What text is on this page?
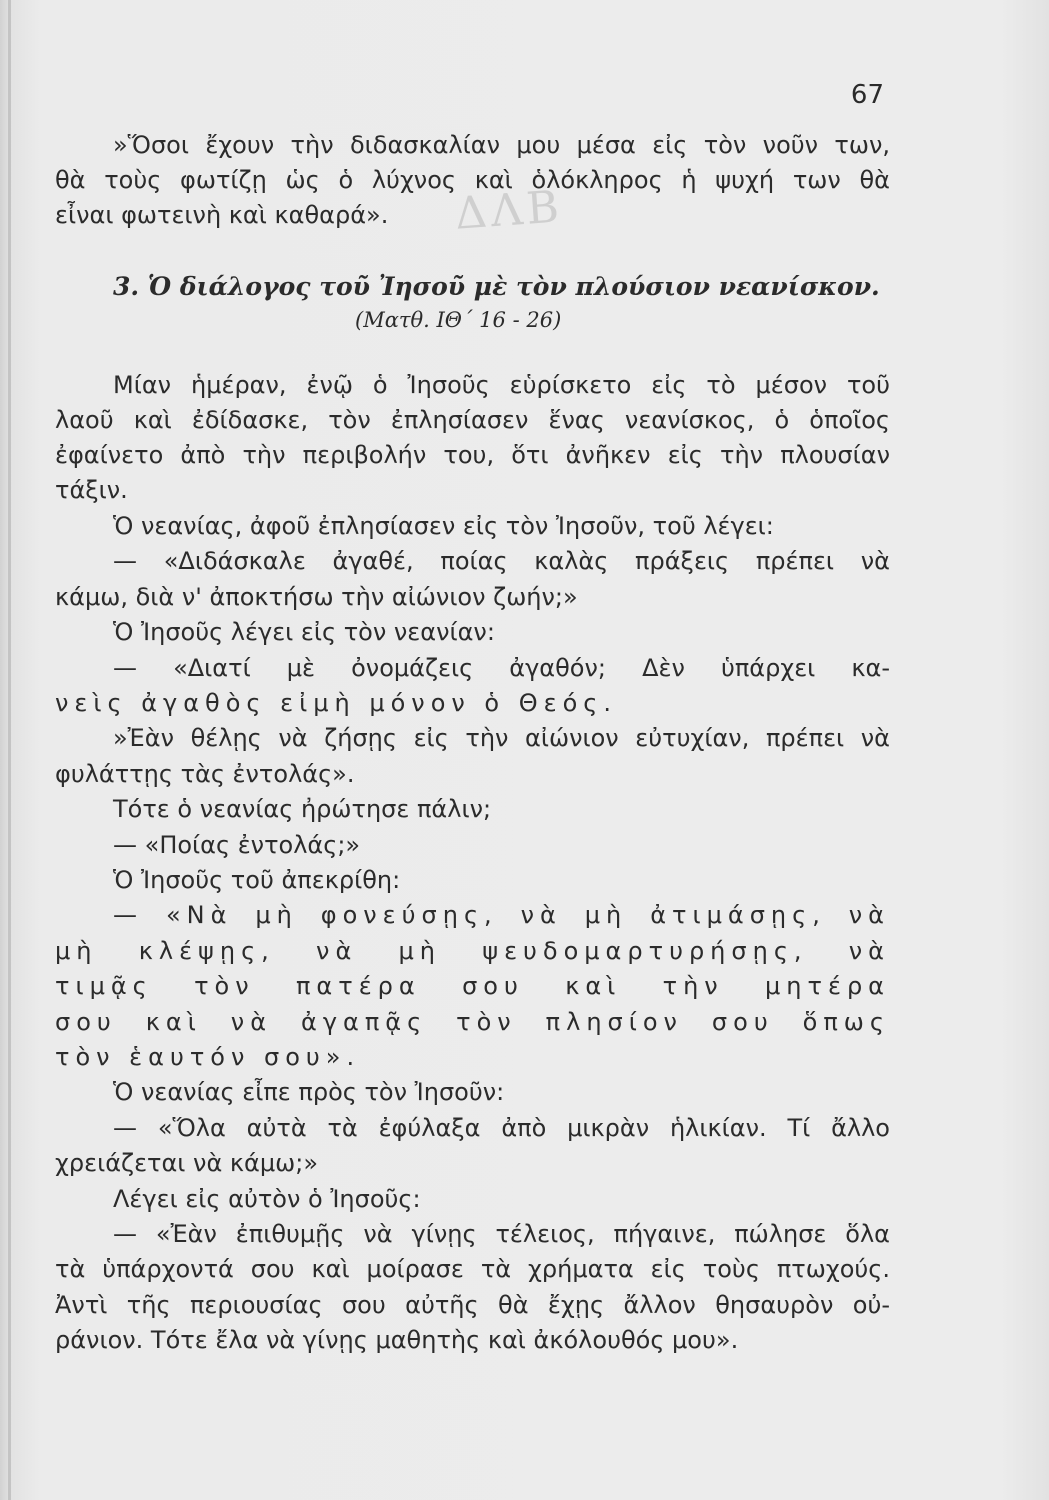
67
ΔΛΒ
»Ὅσοι ἔχουν τὴν διδασκαλίαν μου μέσα εἰς τὸν νοῦν των,
θὰ τοὺς φωτίζῃ ὡς ὁ λύχνος καὶ ὁλόκληρος ἡ ψυχή των θὰ
εἶναι φωτεινὴ καὶ καθαρά».
3. Ὁ διάλογος τοῦ Ἰησοῦ μὲ τὸν πλούσιον νεανίσκον.
(Ματθ. ΙΘ΄ 16 - 26)
Μίαν ἡμέραν, ἐνῷ ὁ Ἰησοῦς εὑρίσκετο εἰς τὸ μέσον τοῦ
λαοῦ καὶ ἐδίδασκε, τὸν ἐπλησίασεν ἕνας νεανίσκος, ὁ ὁποῖος
ἐφαίνετο ἀπὸ τὴν περιβολήν του, ὅτι ἀνῆκεν εἰς τὴν πλουσίαν
τάξιν.
Ὁ νεανίας, ἀφοῦ ἐπλησίασεν εἰς τὸν Ἰησοῦν, τοῦ λέγει:
— «Διδάσκαλε ἀγαθέ, ποίας καλὰς πράξεις πρέπει νὰ
κάμω, διὰ ν' ἀποκτήσω τὴν αἰώνιον ζωήν;»
Ὁ Ἰησοῦς λέγει εἰς τὸν νεανίαν:
— «Διατί μὲ ὀνομάζεις ἀγαθόν; Δὲν ὑπάρχει κα-
νεὶς ἀγαθὸς εἰμὴ μόνον ὁ Θεός.
»Ἐὰν θέλῃς νὰ ζήσῃς εἰς τὴν αἰώνιον εὐτυχίαν, πρέπει νὰ
φυλάττῃς τὰς ἐντολάς».
Τότε ὁ νεανίας ἠρώτησε πάλιν;
— «Ποίας ἐντολάς;»
Ὁ Ἰησοῦς τοῦ ἀπεκρίθη:
— «Νὰ μὴ φονεύσῃς, νὰ μὴ ἀτιμάσῃς, νὰ
μὴ κλέψῃς, νὰ μὴ ψευδομαρτυρήσῃς, νὰ
τιμᾷς τὸν πατέρα σου καὶ τὴν μητέρα
σου καὶ νὰ ἀγαπᾷς τὸν πλησίον σου ὅπως
τὸν ἑαυτόν σου».
Ὁ νεανίας εἶπε πρὸς τὸν Ἰησοῦν:
— «Ὅλα αὐτὰ τὰ ἐφύλαξα ἀπὸ μικρὰν ἡλικίαν. Τί ἄλλο
χρειάζεται νὰ κάμω;»
Λέγει εἰς αὐτὸν ὁ Ἰησοῦς:
— «Ἐὰν ἐπιθυμῇς νὰ γίνῃς τέλειος, πήγαινε, πώλησε ὅλα
τὰ ὑπάρχοντά σου καὶ μοίρασε τὰ χρήματα εἰς τοὺς πτωχούς.
Ἀντὶ τῆς περιουσίας σου αὐτῆς θὰ ἔχῃς ἄλλον θησαυρὸν οὐ-
ράνιον. Τότε ἔλα νὰ γίνῃς μαθητὴς καὶ ἀκόλουθός μου».
